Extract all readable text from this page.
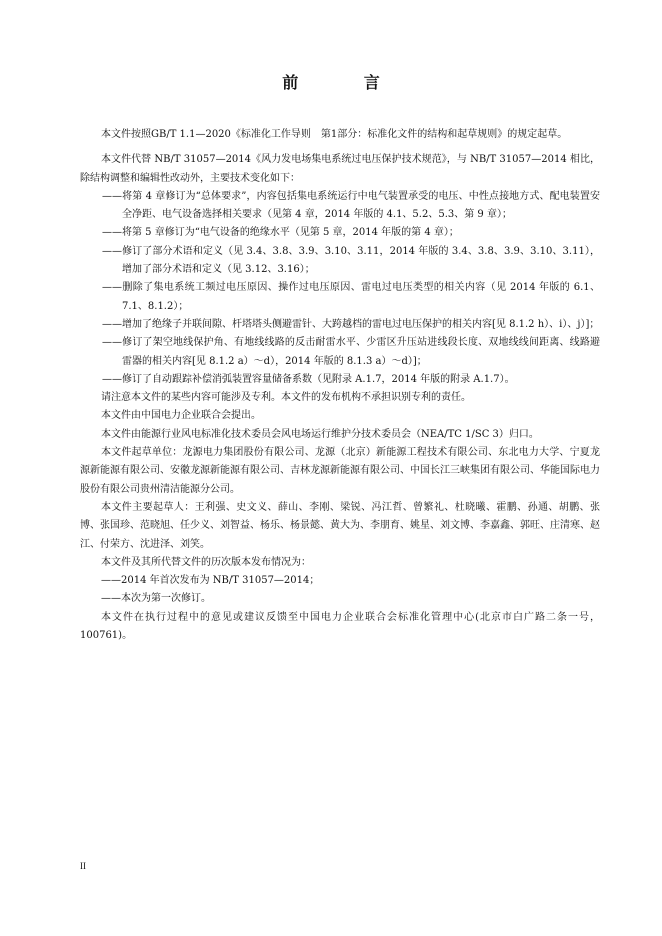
前 言

本文件按照GB/T 1.1—2020《标准化工作导则　第1部分：标准化文件的结构和起草规则》的规定起草。

本文件代替 NB/T 31057—2014《风力发电场集电系统过电压保护技术规范》，与 NB/T 31057—2014 相比，除结构调整和编辑性改动外，主要技术变化如下：

——将第 4 章修订为“总体要求”，内容包括集电系统运行中电气装置承受的电压、中性点接地方式、配电装置安全净距、电气设备选择相关要求（见第 4 章，2014 年版的 4.1、5.2、5.3、第 9 章）；

——将第 5 章修订为“电气设备的绝缘水平（见第 5 章，2014 年版的第 4 章）；

——修订了部分术语和定义（见 3.4、3.8、3.9、3.10、3.11，2014 年版的 3.4、3.8、3.9、3.10、3.11），增加了部分术语和定义（见 3.12、3.16）；

——删除了集电系统工频过电压原因、操作过电压原因、雷电过电压类型的相关内容（见 2014 年版的 6.1、7.1、8.1.2）；

——增加了绝缘子并联间隙、杆塔塔头侧避雷针、大跨越档的雷电过电压保护的相关内容[见 8.1.2 h）、i）、j）]；

——修订了架空地线保护角、有地线线路的反击耐雷水平、少雷区升压站进线段长度、双地线线间距离、线路避雷器的相关内容[见 8.1.2 a）～d），2014 年版的 8.1.3 a）～d）]；

——修订了自动跟踪补偿消弧装置容量储备系数（见附录 A.1.7，2014 年版的附录 A.1.7）。

请注意本文件的某些内容可能涉及专利。本文件的发布机构不承担识别专利的责任。

本文件由中国电力企业联合会提出。

本文件由能源行业风电标准化技术委员会风电场运行维护分技术委员会（NEA/TC 1/SC 3）归口。

本文件起草单位：龙源电力集团股份有限公司、龙源（北京）新能源工程技术有限公司、东北电力大学、宁夏龙源新能源有限公司、安徽龙源新能源有限公司、吉林龙源新能源有限公司、中国长江三峡集团有限公司、华能国际电力股份有限公司贵州清洁能源分公司。

本文件主要起草人：王利强、史文义、薛山、李刚、梁锐、冯江哲、曾繁礼、杜晓曦、霍鹏、孙通、胡鹏、张博、张国珍、范晓旭、任少义、刘智益、杨乐、杨景懿、黄大为、李朋育、姚星、刘文博、李嘉鑫、郭旺、庄清寒、赵江、付荣方、沈进泽、刘笑。

本文件及其所代替文件的历次版本发布情况为：

——2014 年首次发布为 NB/T 31057—2014；

——本次为第一次修订。

本文件在执行过程中的意见或建议反馈至中国电力企业联合会标准化管理中心(北京市白广路二条一号，100761)。

II
